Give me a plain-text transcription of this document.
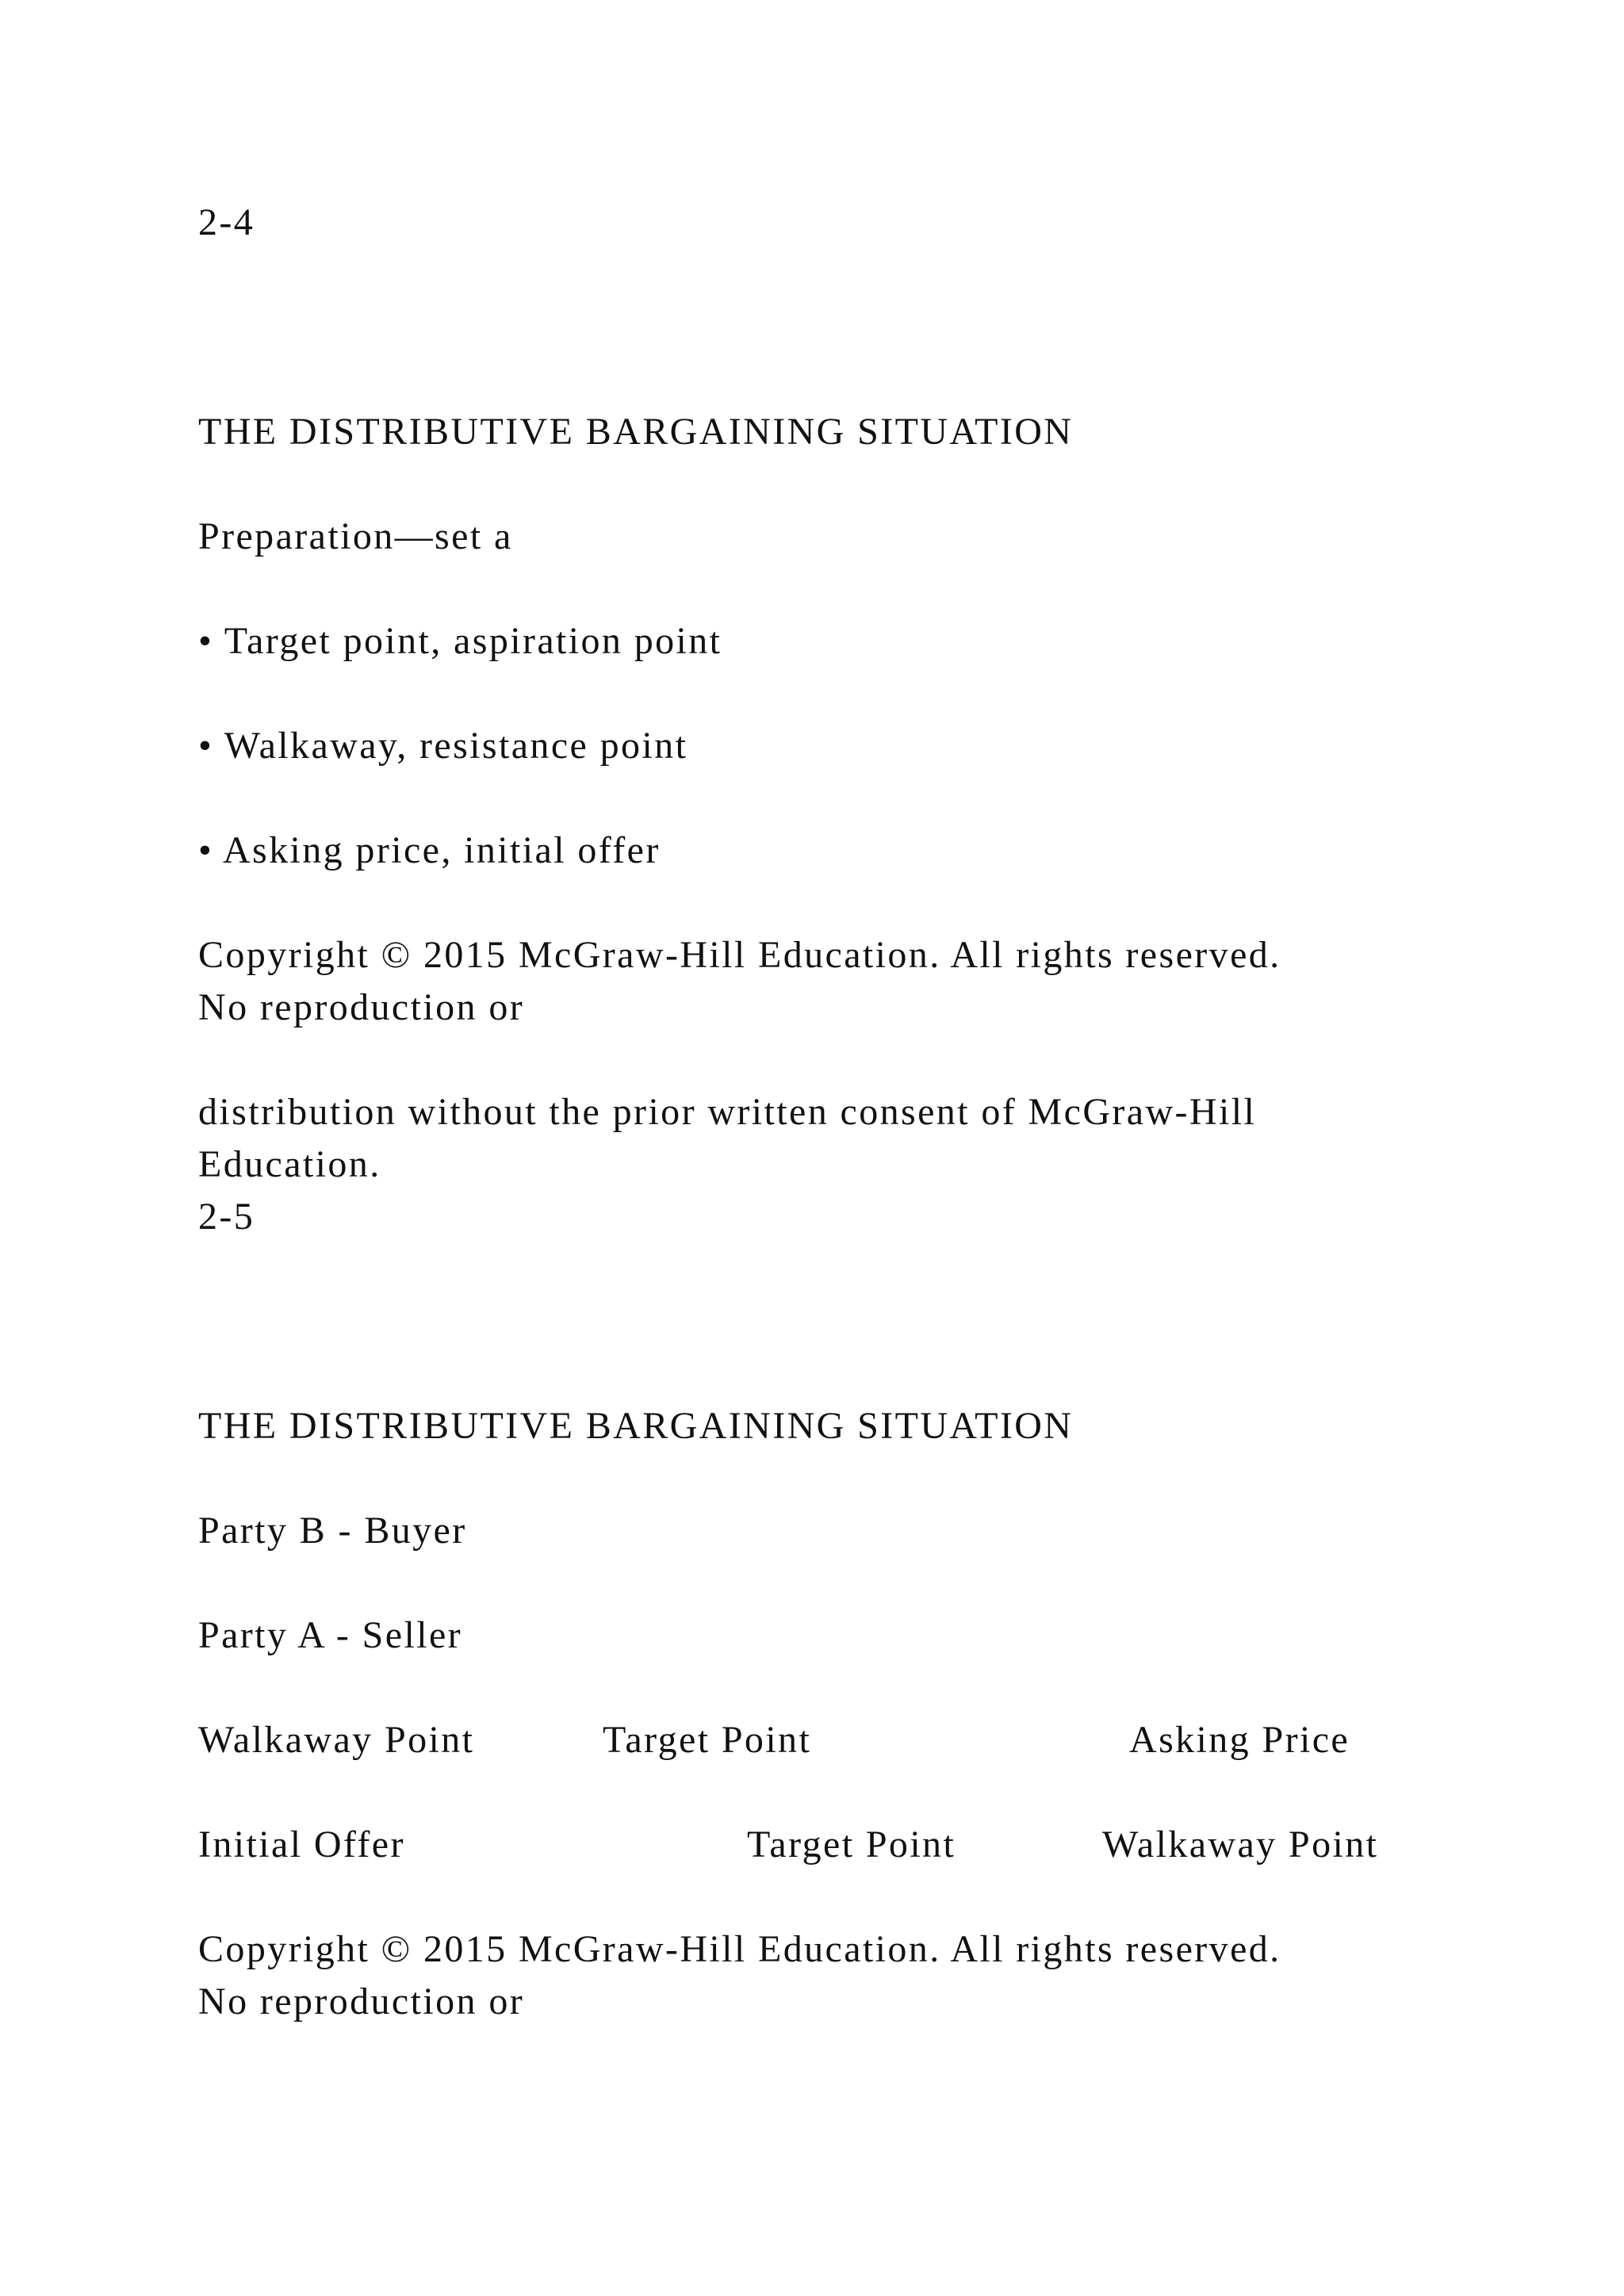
2-4
THE DISTRIBUTIVE BARGAINING SITUATION
Preparation—set a
• Target point, aspiration point
• Walkaway, resistance point
• Asking price, initial offer
Copyright © 2015 McGraw-Hill Education. All rights reserved.
No reproduction or
distribution without the prior written consent of McGraw-Hill
Education.
2-5
THE DISTRIBUTIVE BARGAINING SITUATION
Party B - Buyer
Party A - Seller
Walkaway Point	Target Point	Asking Price
Initial Offer	Target Point	Walkaway Point
Copyright © 2015 McGraw-Hill Education. All rights reserved.
No reproduction or
